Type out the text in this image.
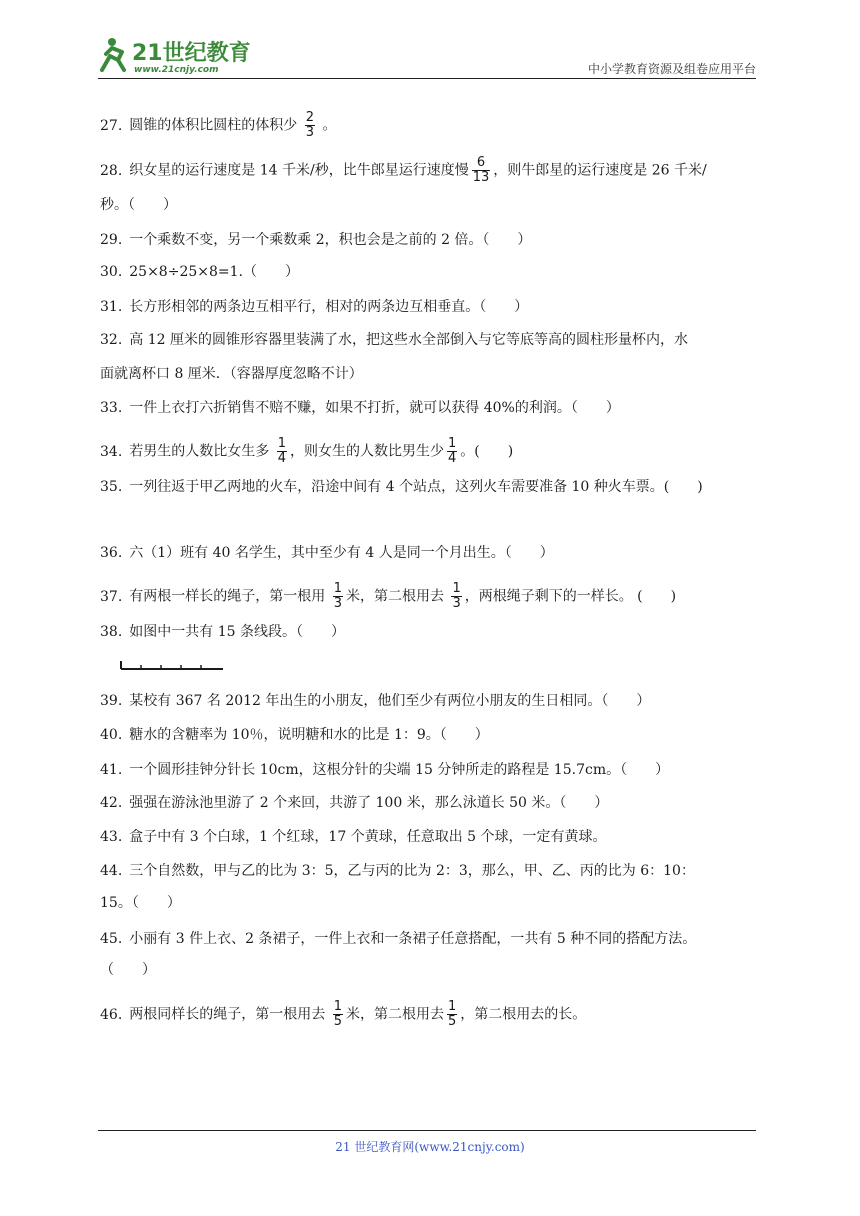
21世纪教育
www.21cnjy.com	中小学教育资源及组卷应用平台
27. 圆锥的体积比圆柱的体积少 $\frac{2}{3}$ 。
28. 织女星的运行速度是 14 千米/秒，比牛郎星运行速度慢 $\frac{6}{13}$ ，则牛郎星的运行速度是 26 千米/
秒。（　　）
29. 一个乘数不变，另一个乘数乘 2，积也会是之前的 2 倍。（　　）
30. 25×8÷25×8=1.（　　）
31. 长方形相邻的两条边互相平行，相对的两条边互相垂直。（　　）
32. 高 12 厘米的圆锥形容器里装满了水，把这些水全部倒入与它等底等高的圆柱形量杯内，水
面就离杯口 8 厘米．（容器厚度忽略不计）
33. 一件上衣打六折销售不赔不赚，如果不打折，就可以获得 40%的利润。（　　）
34. 若男生的人数比女生多 $\frac{1}{4}$ ，则女生的人数比男生少 $\frac{1}{4}$ 。(　　)
35. 一列往返于甲乙两地的火车，沿途中间有 4 个站点，这列火车需要准备 10 种火车票。(　　)
36. 六（1）班有 40 名学生，其中至少有 4 人是同一个月出生。（　　）
37. 有两根一样长的绳子，第一根用 $\frac{1}{3}$ 米，第二根用去 $\frac{1}{3}$ ，两根绳子剩下的一样长。 (　　)
38. 如图中一共有 15 条线段。（　　）
39. 某校有 367 名 2012 年出生的小朋友，他们至少有两位小朋友的生日相同。（　　）
40. 糖水的含糖率为 10％，说明糖和水的比是 1：9。（　　）
41. 一个圆形挂钟分针长 10cm，这根分针的尖端 15 分钟所走的路程是 15.7cm。（　　）
42. 强强在游泳池里游了 2 个来回，共游了 100 米，那么泳道长 50 米。（　　）
43. 盒子中有 3 个白球，1 个红球，17 个黄球，任意取出 5 个球，一定有黄球。
44. 三个自然数，甲与乙的比为 3：5，乙与丙的比为 2：3，那么，甲、乙、丙的比为 6：10：
15。（　　）
45. 小丽有 3 件上衣、2 条裙子，一件上衣和一条裙子任意搭配，一共有 5 种不同的搭配方法。
（　　）
46. 两根同样长的绳子，第一根用去 $\frac{1}{5}$ 米，第二根用去 $\frac{1}{5}$ ，第二根用去的长。
21 世纪教育网(www.21cnjy.com)
